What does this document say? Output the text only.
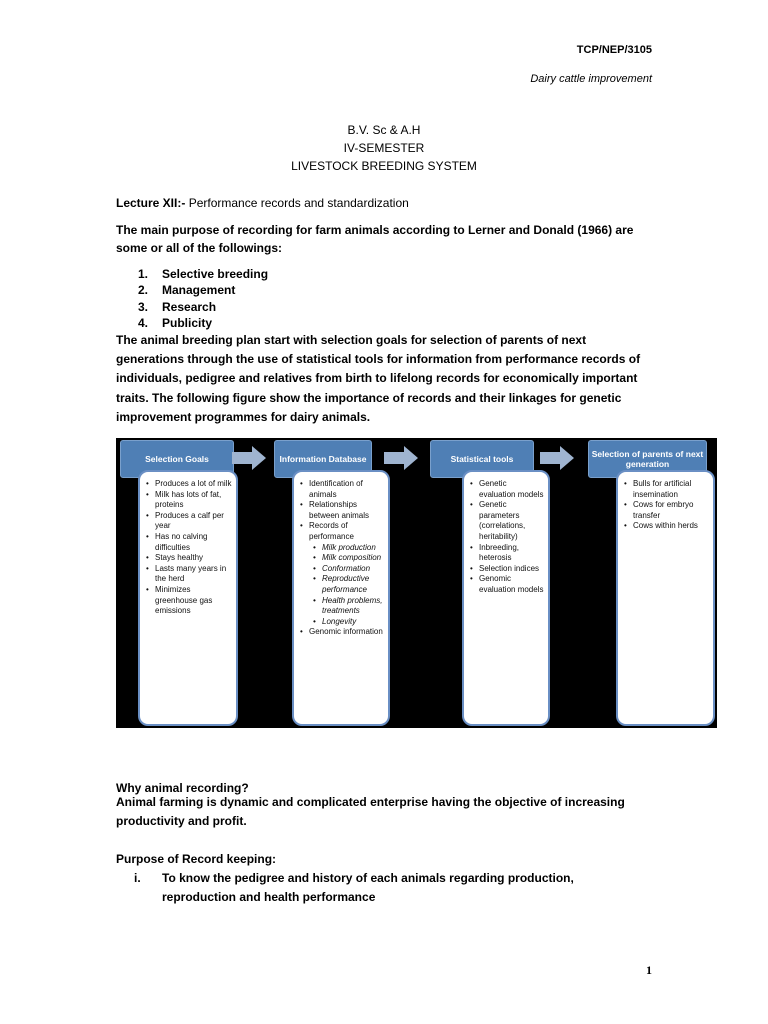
TCP/NEP/3105
Dairy cattle improvement
B.V. Sc & A.H
IV-SEMESTER
LIVESTOCK BREEDING SYSTEM
Lecture XII:- Performance records and standardization
The main purpose of recording for farm animals according to Lerner and Donald (1966) are some or all of the followings:
1. Selective breeding
2. Management
3. Research
4. Publicity
The animal breeding plan start with selection goals for selection of parents of next generations through the use of statistical tools for information from performance records of individuals, pedigree and relatives from birth to lifelong records for economically important traits. The following figure show the importance of records and their linkages for genetic improvement programmes for dairy animals.
Selection Goals
• Produces a lot of milk
• Milk has lots of fat, proteins
• Produces a calf per year
• Has no calving difficulties
• Stays healthy
• Lasts many years in the herd
• Minimizes greenhouse gas emissions
Information Database
• Identification of animals
• Relationships between animals
• Records of performance
• Milk production
• Milk composition
• Conformation
• Reproductive performance
• Health problems, treatments
• Longevity
• Genomic information
Statistical tools
• Genetic evaluation models
• Genetic parameters (correlations, heritability)
• Inbreeding, heterosis
• Selection indices
• Genomic evaluation models
Selection of parents of next generation
• Bulls for artificial insemination
• Cows for embryo transfer
• Cows within herds
Why animal recording?
Animal farming is dynamic and complicated enterprise having the objective of increasing productivity and profit.
Purpose of Record keeping:
i. To know the pedigree and history of each animals regarding production, reproduction and health performance
1
